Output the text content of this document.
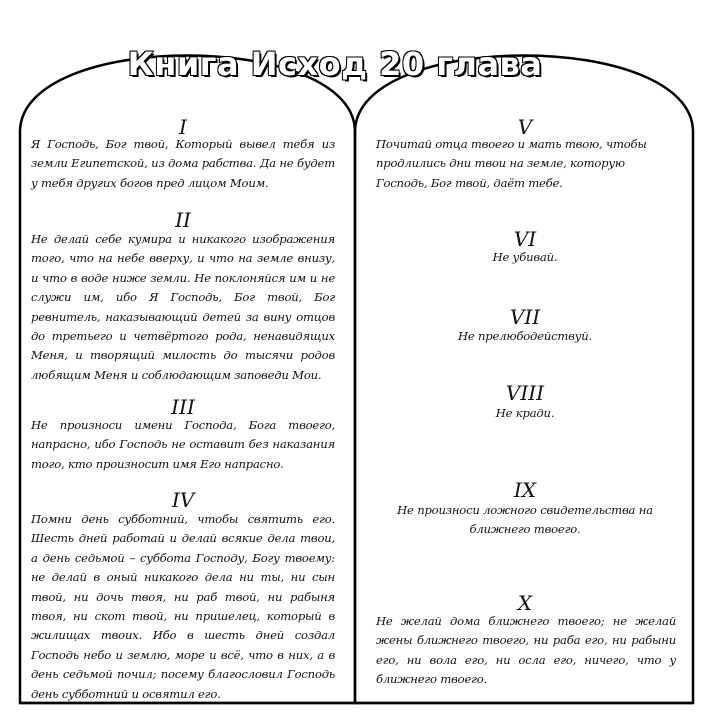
Книга Исход 20 глава
I
Я Господь, Бог твой, Который вывел тебя из земли Египетской, из дома рабства. Да не будет у тебя других богов пред лицом Моим.
II
Не делай себе кумира и никакого изображения того, что на небе вверху, и что на земле внизу, и что в воде ниже земли. Не поклоняйся им и не служи им, ибо Я Господь, Бог твой, Бог ревнитель, наказывающий детей за вину отцов до третьего и четвёртого рода, ненавидящих Меня, и творящий милость до тысячи родов любящим Меня и соблюдающим заповеди Мои.
III
Не произноси имени Господа, Бога твоего, напрасно, ибо Господь не оставит без наказания того, кто произносит имя Его напрасно.
IV
Помни день субботний, чтобы святить его. Шесть дней работай и делай всякие дела твои, а день седьмой – суббота Господу, Богу твоему: не делай в оный никакого дела ни ты, ни сын твой, ни дочь твоя, ни раб твой, ни рабыня твоя, ни скот твой, ни пришелец, который в жилищах твоих. Ибо в шесть дней создал Господь небо и землю, море и всё, что в них, а в день седьмой почил; посему благословил Господь день субботний и освятил его.
V
Почитай отца твоего и мать твою, чтобы продлились дни твои на земле, которую Господь, Бог твой, даёт тебе.
VI
Не убивай.
VII
Не прелюбодействуй.
VIII
Не кради.
IX
Не произноси ложного свидетельства на ближнего твоего.
X
Не желай дома ближнего твоего; не желай жены ближнего твоего, ни раба его, ни рабыни его, ни вола его, ни осла его, ничего, что у ближнего твоего.
